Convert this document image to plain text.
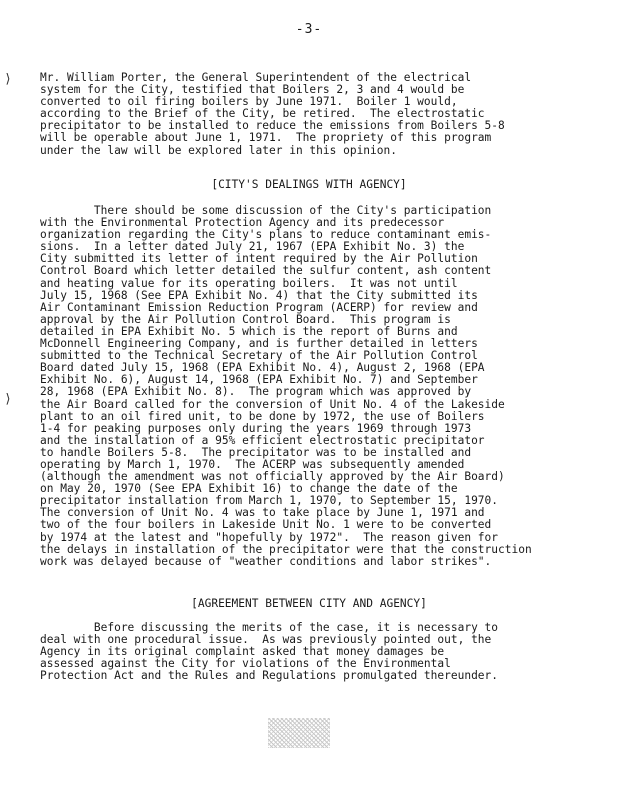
-3-
⟩
⟩
Mr. William Porter, the General Superintendent of the electrical
system for the City, testified that Boilers 2, 3 and 4 would be
converted to oil firing boilers by June 1971.  Boiler 1 would,
according to the Brief of the City, be retired.  The electrostatic
precipitator to be installed to reduce the emissions from Boilers 5-8
will be operable about June 1, 1971.  The propriety of this program
under the law will be explored later in this opinion.
[CITY'S DEALINGS WITH AGENCY]
There should be some discussion of the City's participation
with the Environmental Protection Agency and its predecessor
organization regarding the City's plans to reduce contaminant emis-
sions.  In a letter dated July 21, 1967 (EPA Exhibit No. 3) the
City submitted its letter of intent required by the Air Pollution
Control Board which letter detailed the sulfur content, ash content
and heating value for its operating boilers.  It was not until
July 15, 1968 (See EPA Exhibit No. 4) that the City submitted its
Air Contaminant Emission Reduction Program (ACERP) for review and
approval by the Air Pollution Control Board.  This program is
detailed in EPA Exhibit No. 5 which is the report of Burns and
McDonnell Engineering Company, and is further detailed in letters
submitted to the Technical Secretary of the Air Pollution Control
Board dated July 15, 1968 (EPA Exhibit No. 4), August 2, 1968 (EPA
Exhibit No. 6), August 14, 1968 (EPA Exhibit No. 7) and September
28, 1968 (EPA Exhibit No. 8).  The program which was approved by
the Air Board called for the conversion of Unit No. 4 of the Lakeside
plant to an oil fired unit, to be done by 1972, the use of Boilers
1-4 for peaking purposes only during the years 1969 through 1973
and the installation of a 95% efficient electrostatic precipitator
to handle Boilers 5-8.  The precipitator was to be installed and
operating by March 1, 1970.  The ACERP was subsequently amended
(although the amendment was not officially approved by the Air Board)
on May 20, 1970 (See EPA Exhibit 16) to change the date of the
precipitator installation from March 1, 1970, to September 15, 1970.
The conversion of Unit No. 4 was to take place by June 1, 1971 and
two of the four boilers in Lakeside Unit No. 1 were to be converted
by 1974 at the latest and "hopefully by 1972".  The reason given for
the delays in installation of the precipitator were that the construction
work was delayed because of "weather conditions and labor strikes".
[AGREEMENT BETWEEN CITY AND AGENCY]
Before discussing the merits of the case, it is necessary to
deal with one procedural issue.  As was previously pointed out, the
Agency in its original complaint asked that money damages be
assessed against the City for violations of the Environmental
Protection Act and the Rules and Regulations promulgated thereunder.
